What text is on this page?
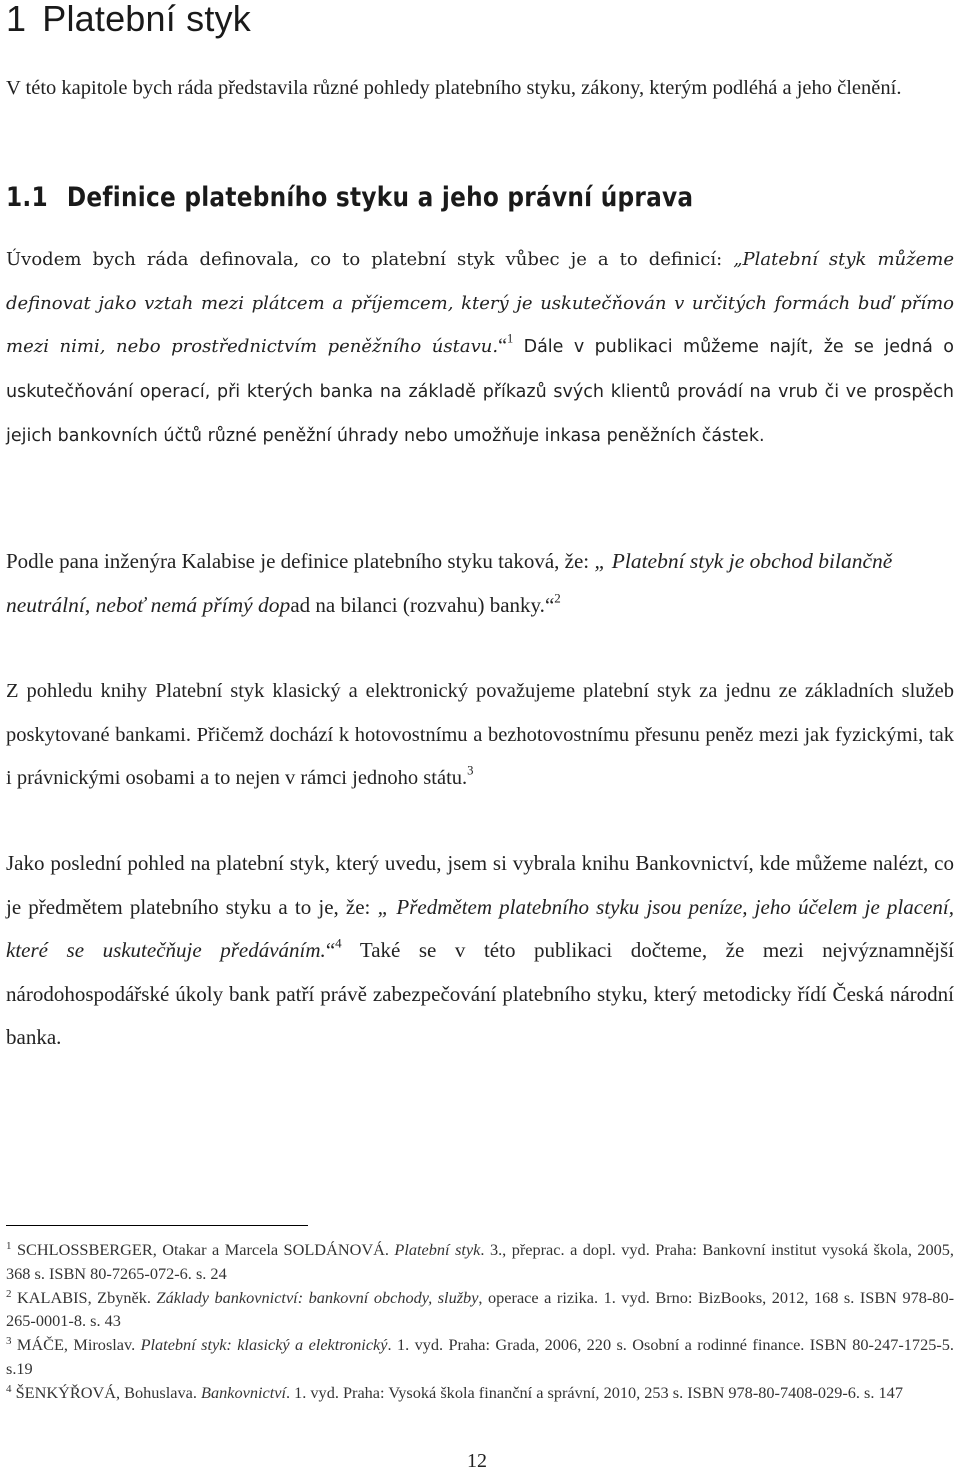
1 Platební styk

V této kapitole bych ráda představila různé pohledy platebního styku, zákony, kterým podléhá a jeho členění.

1.1 Definice platebního styku a jeho právní úprava

Úvodem bych ráda definovala, co to platební styk vůbec je a to definicí: „Platební styk můžeme definovat jako vztah mezi plátcem a příjemcem, který je uskutečňován v určitých formách buď přímo mezi nimi, nebo prostřednictvím peněžního ústavu.“$^1$ Dále v publikaci můžeme najít, že se jedná o uskutečňování operací, při kterých banka na základě příkazů svých klientů provádí na vrub či ve prospěch jejich bankovních účtů různé peněžní úhrady nebo umožňuje inkasa peněžních částek.

Podle pana inženýra Kalabise je definice platebního styku taková, že: „ Platební styk je obchod bilančně neutrální, neboť nemá přímý dopad na bilanci (rozvahu) banky.“$^2$

Z pohledu knihy Platební styk klasický a elektronický považujeme platební styk za jednu ze základních služeb poskytované bankami. Přičemž dochází k hotovostnímu a bezhotovostnímu přesunu peněz mezi jak fyzickými, tak i právnickými osobami a to nejen v rámci jednoho státu.$^3$

Jako poslední pohled na platební styk, který uvedu, jsem si vybrala knihu Bankovnictví, kde můžeme nalézt, co je předmětem platebního styku a to je, že: „ Předmětem platebního styku jsou peníze, jeho účelem je placení, které se uskutečňuje předáváním.“$^4$ Také se v této publikaci dočteme, že mezi nejvýznamnější národohospodářské úkoly bank patří právě zabezpečování platebního styku, který metodicky řídí Česká národní banka.

$^1$ SCHLOSSBERGER, Otakar a Marcela SOLDÁNOVÁ. Platební styk. 3., přeprac. a dopl. vyd. Praha: Bankovní institut vysoká škola, 2005, 368 s. ISBN 80-7265-072-6. s. 24

$^2$ KALABIS, Zbyněk. Základy bankovnictví: bankovní obchody, služby, operace a rizika. 1. vyd. Brno: BizBooks, 2012, 168 s. ISBN 978-80-265-0001-8. s. 43

$^3$ MÁČE, Miroslav. Platební styk: klasický a elektronický. 1. vyd. Praha: Grada, 2006, 220 s. Osobní a rodinné finance. ISBN 80-247-1725-5. s.19

$^4$ ŠENKÝŘOVÁ, Bohuslava. Bankovnictví. 1. vyd. Praha: Vysoká škola finanční a správní, 2010, 253 s. ISBN 978-80-7408-029-6. s. 147

12
